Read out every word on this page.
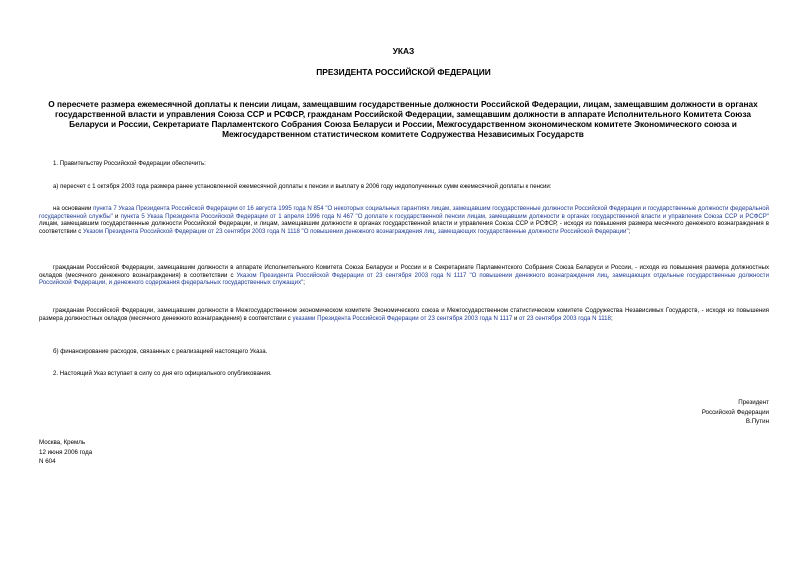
УКАЗ
ПРЕЗИДЕНТА РОССИЙСКОЙ ФЕДЕРАЦИИ
О пересчете размера ежемесячной доплаты к пенсии лицам, замещавшим государственные должности Российской Федерации, лицам, замещавшим должности в органах государственной власти и управления Союза ССР и РСФСР, гражданам Российской Федерации, замещавшим должности в аппарате Исполнительного Комитета Союза Беларуси и России, Секретариате Парламентского Собрания Союза Беларуси и России, Межгосударственном экономическом комитете Экономического союза и Межгосударственном статистическом комитете Содружества Независимых Государств
1. Правительству Российской Федерации обеспечить:
а) пересчет с 1 октября 2003 года размера ранее установленной ежемесячной доплаты к пенсии и выплату в 2006 году недополученных сумм ежемесячной доплаты к пенсии:
на основании пункта 7 Указа Президента Российской Федерации от 16 августа 1995 года N 854 "О некоторых социальных гарантиях лицам, замещавшим государственные должности Российской Федерации и государственные должности федеральной государственной службы" и пункта 5 Указа Президента Российской Федерации от 1 апреля 1996 года N 467 "О доплате к государственной пенсии лицам, замещавшим должности в органах государственной власти и управления Союза ССР и РСФСР" лицам, замещавшим государственные должности Российской Федерации, и лицам, замещавшим должности в органах государственной власти и управления Союза ССР и РСФСР, - исходя из повышения размера месячного денежного вознаграждения в соответствии с Указом Президента Российской Федерации от 23 сентября 2003 года N 1118 "О повышении денежного вознаграждения лиц, замещающих государственные должности Российской Федерации";
гражданам Российской Федерации, замещавшим должности в аппарате Исполнительного Комитета Союза Беларуси и России и в Секретариате Парламентского Собрания Союза Беларуси и России, - исходя из повышения размера должностных окладов (месячного денежного вознаграждения) в соответствии с Указом Президента Российской Федерации от 23 сентября 2003 года N 1117 "О повышении денежного вознаграждения лиц, замещающих отдельные государственные должности Российской Федерации, и денежного содержания федеральных государственных служащих";
гражданам Российской Федерации, замещавшим должности в Межгосударственном экономическом комитете Экономического союза и Межгосударственном статистическом комитете Содружества Независимых Государств, - исходя из повышения размера должностных окладов (месячного денежного вознаграждения) в соответствии с указами Президента Российской Федерации от 23 сентября 2003 года N 1117 и от 23 сентября 2003 года N 1118;
б) финансирование расходов, связанных с реализацией настоящего Указа.
2. Настоящий Указ вступает в силу со дня его официального опубликования.
Президент
Российской Федерации
В.Путин
Москва, Кремль
12 июня 2006 года
N 604
